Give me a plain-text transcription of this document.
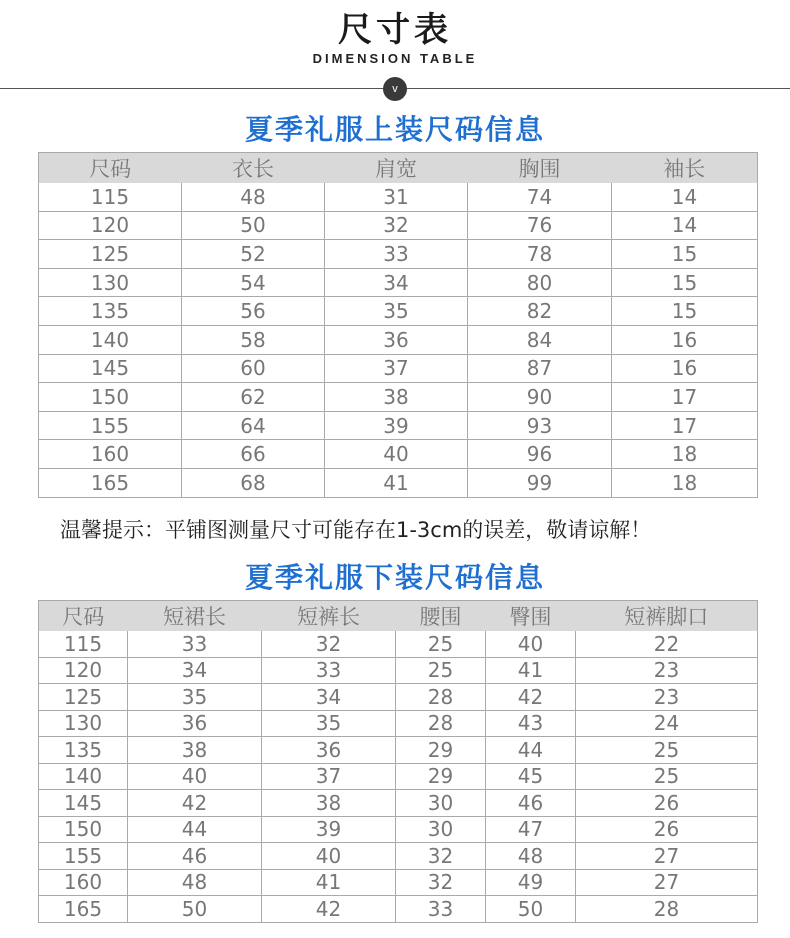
尺寸表
DIMENSION TABLE
v
夏季礼服上装尺码信息
尺码	衣长	肩宽	胸围	袖长
115	48	31	74	14
120	50	32	76	14
125	52	33	78	15
130	54	34	80	15
135	56	35	82	15
140	58	36	84	16
145	60	37	87	16
150	62	38	90	17
155	64	39	93	17
160	66	40	96	18
165	68	41	99	18
温馨提示：平铺图测量尺寸可能存在1-3cm的误差，敬请谅解！
夏季礼服下装尺码信息
尺码	短裙长	短裤长	腰围	臀围	短裤脚口
115	33	32	25	40	22
120	34	33	25	41	23
125	35	34	28	42	23
130	36	35	28	43	24
135	38	36	29	44	25
140	40	37	29	45	25
145	42	38	30	46	26
150	44	39	30	47	26
155	46	40	32	48	27
160	48	41	32	49	27
165	50	42	33	50	28
